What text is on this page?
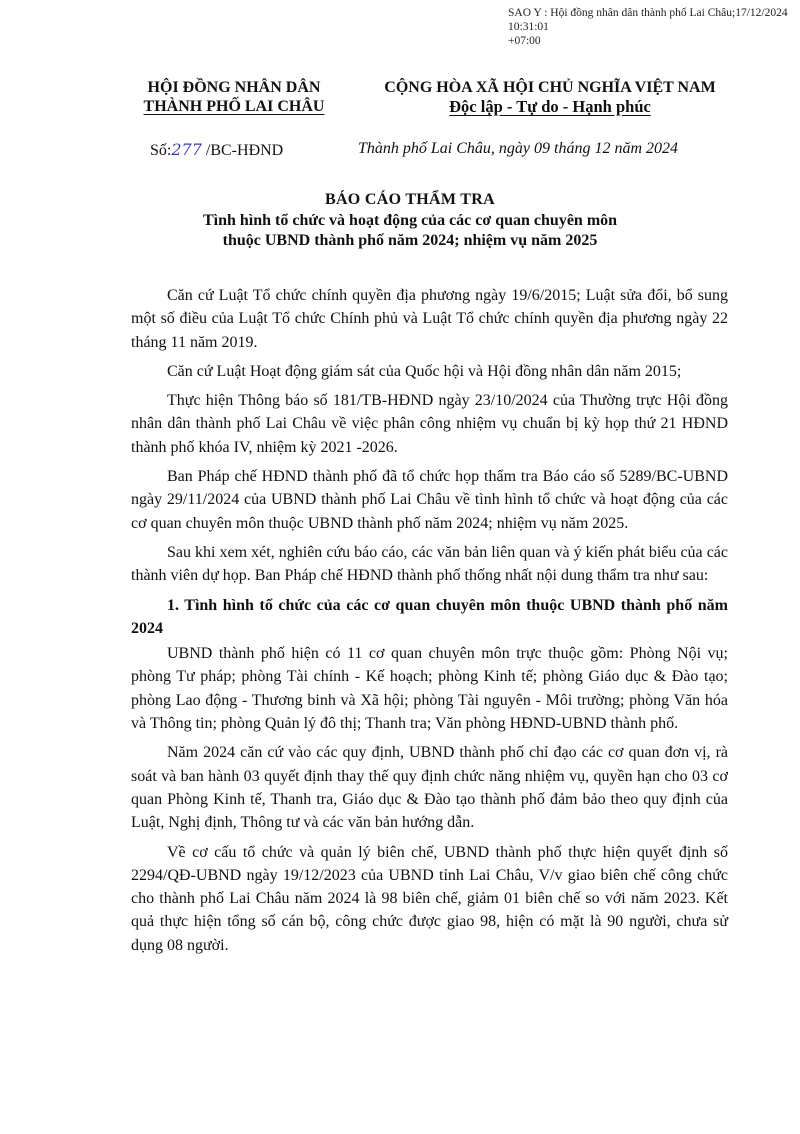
SAO Y : Hội đồng nhân dân thành phố Lai Châu;17/12/2024 10:31:01
+07:00
HỘI ĐỒNG NHÂN DÂN
THÀNH PHỐ LAI CHÂU
CỘNG HÒA XÃ HỘI CHỦ NGHĨA VIỆT NAM
Độc lập - Tự do - Hạnh phúc
Số:277 /BC-HĐND	Thành phố Lai Châu, ngày 09 tháng 12 năm 2024
BÁO CÁO THẨM TRA
Tình hình tổ chức và hoạt động của các cơ quan chuyên môn
thuộc UBND thành phố năm 2024; nhiệm vụ năm 2025

Căn cứ Luật Tổ chức chính quyền địa phương ngày 19/6/2015; Luật sửa đổi, bổ sung một số điều của Luật Tổ chức Chính phủ và Luật Tổ chức chính quyền địa phương ngày 22 tháng 11 năm 2019.

Căn cứ Luật Hoạt động giám sát của Quốc hội và Hội đồng nhân dân năm 2015;

Thực hiện Thông báo số 181/TB-HĐND ngày 23/10/2024 của Thường trực Hội đồng nhân dân thành phố Lai Châu về việc phân công nhiệm vụ chuẩn bị kỳ họp thứ 21 HĐND thành phố khóa IV, nhiệm kỳ 2021 -2026.

Ban Pháp chế HĐND thành phố đã tổ chức họp thẩm tra Báo cáo số 5289/BC-UBND ngày 29/11/2024 của UBND thành phố Lai Châu về tình hình tổ chức và hoạt động của các cơ quan chuyên môn thuộc UBND thành phố năm 2024; nhiệm vụ năm 2025.

Sau khi xem xét, nghiên cứu báo cáo, các văn bản liên quan và ý kiến phát biểu của các thành viên dự họp. Ban Pháp chế HĐND thành phố thống nhất nội dung thẩm tra như sau:

1. Tình hình tổ chức của các cơ quan chuyên môn thuộc UBND thành phố năm 2024

UBND thành phố hiện có 11 cơ quan chuyên môn trực thuộc gồm: Phòng Nội vụ; phòng Tư pháp; phòng Tài chính - Kế hoạch; phòng Kinh tế; phòng Giáo dục & Đào tạo; phòng Lao động - Thương binh và Xã hội; phòng Tài nguyên - Môi trường; phòng Văn hóa và Thông tin; phòng Quản lý đô thị; Thanh tra; Văn phòng HĐND-UBND thành phố.

Năm 2024 căn cứ vào các quy định, UBND thành phố chỉ đạo các cơ quan đơn vị, rà soát và ban hành 03 quyết định thay thế quy định chức năng nhiệm vụ, quyền hạn cho 03 cơ quan Phòng Kinh tế, Thanh tra, Giáo dục & Đào tạo thành phố đảm bảo theo quy định của Luật, Nghị định, Thông tư và các văn bản hướng dẫn.

Về cơ cấu tổ chức và quản lý biên chế, UBND thành phố thực hiện quyết định số 2294/QĐ-UBND ngày 19/12/2023 của UBND tỉnh Lai Châu, V/v giao biên chế công chức cho thành phố Lai Châu năm 2024 là 98 biên chế, giảm 01 biên chế so với năm 2023. Kết quả thực hiện tổng số cán bộ, công chức được giao 98, hiện có mặt là 90 người, chưa sử dụng 08 người.
